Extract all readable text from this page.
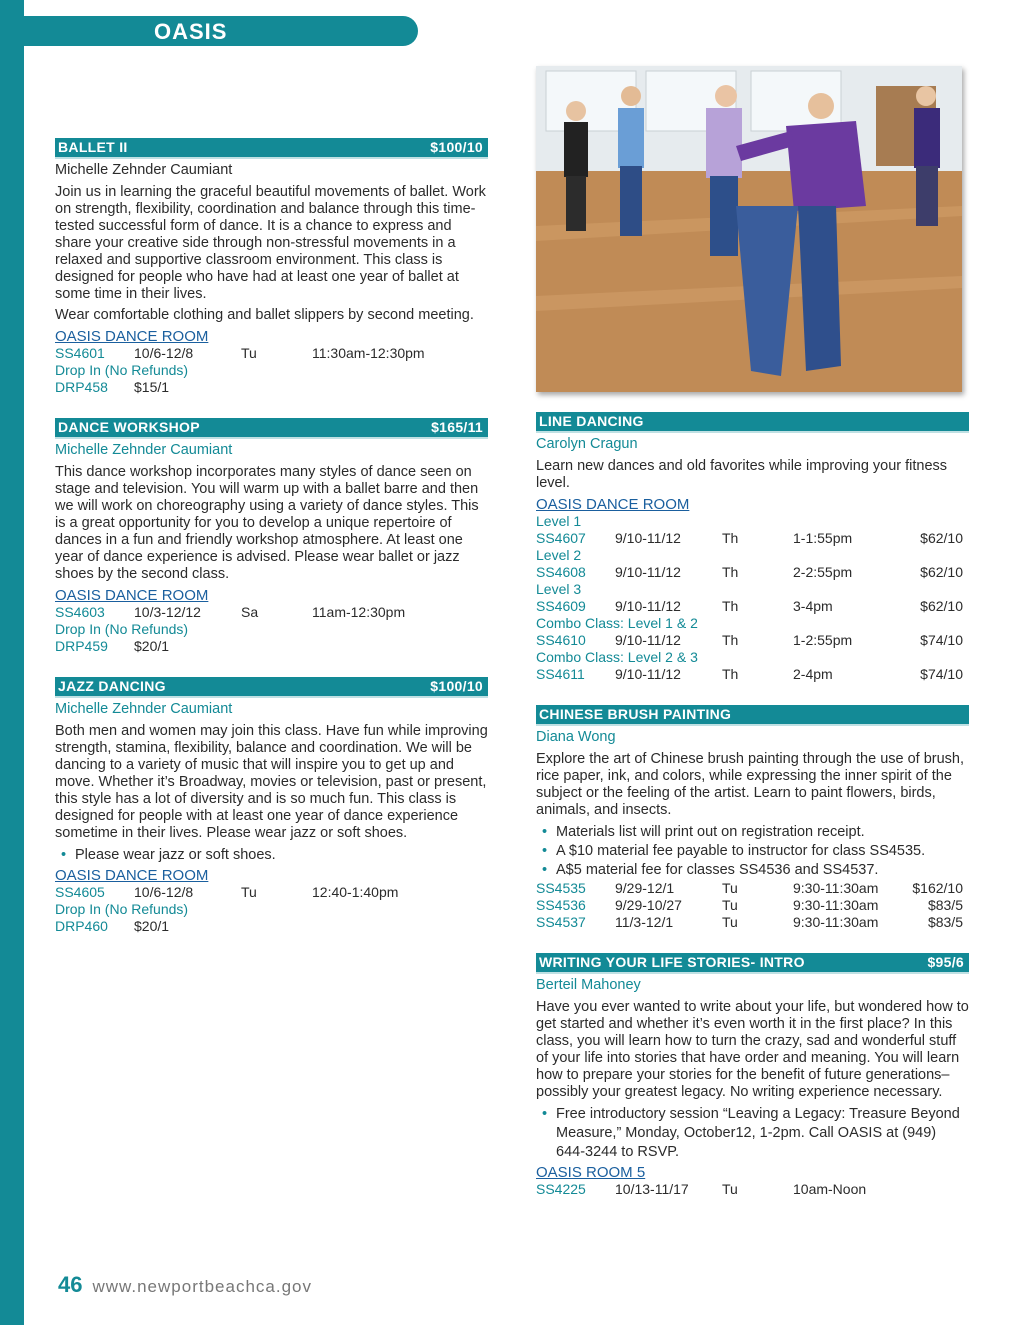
OASIS
BALLET II	$100/10
Michelle Zehnder Caumiant

Join us in learning the graceful beautiful movements of ballet. Work on strength, flexibility, coordination and balance through this time-tested successful form of dance. It is a chance to express and share your creative side through non-stressful movements in a relaxed and supportive classroom environment. This class is designed for people who have had at least one year of ballet at some time in their lives.

Wear comfortable clothing and ballet slippers by second meeting.

OASIS DANCE ROOM
SS4601	10/6-12/8	Tu	11:30am-12:30pm
Drop In (No Refunds)
DRP458	$15/1
DANCE WORKSHOP	$165/11
Michelle Zehnder Caumiant

This dance workshop incorporates many styles of dance seen on stage and television. You will warm up with a ballet barre and then we will work on choreography using a variety of dance styles. This is a great opportunity for you to develop a unique repertoire of dances in a fun and friendly workshop atmosphere. At least one year of dance experience is advised. Please wear ballet or jazz shoes by the second class.

OASIS DANCE ROOM
SS4603	10/3-12/12	Sa	11am-12:30pm
Drop In (No Refunds)
DRP459	$20/1
JAZZ DANCING	$100/10
Michelle Zehnder Caumiant

Both men and women may join this class. Have fun while improving strength, stamina, flexibility, balance and coordination. We will be dancing to a variety of music that will inspire you to get up and move. Whether it’s Broadway, movies or television, past or present, this style has a lot of diversity and is so much fun. This class is designed for people with at least one year of dance experience sometime in their lives. Please wear jazz or soft shoes.

• Please wear jazz or soft shoes.

OASIS DANCE ROOM
SS4605	10/6-12/8	Tu	12:40-1:40pm
Drop In (No Refunds)
DRP460	$20/1
LINE DANCING
Carolyn Cragun

Learn new dances and old favorites while improving your fitness level.

OASIS DANCE ROOM
Level 1
SS4607	9/10-11/12	Th	1-1:55pm	$62/10
Level 2
SS4608	9/10-11/12	Th	2-2:55pm	$62/10
Level 3
SS4609	9/10-11/12	Th	3-4pm	$62/10
Combo Class: Level 1 & 2
SS4610	9/10-11/12	Th	1-2:55pm	$74/10
Combo Class: Level 2 & 3
SS4611	9/10-11/12	Th	2-4pm	$74/10
CHINESE BRUSH PAINTING
Diana Wong

Explore the art of Chinese brush painting through the use of brush, rice paper, ink, and colors, while expressing the inner spirit of the subject or the feeling of the artist. Learn to paint flowers, birds, animals, and insects.

• Materials list will print out on registration receipt.

• A $10 material fee payable to instructor for class SS4535.

• A$5 material fee for classes SS4536 and SS4537.

SS4535	9/29-12/1	Tu	9:30-11:30am	$162/10
SS4536	9/29-10/27	Tu	9:30-11:30am	$83/5
SS4537	11/3-12/1	Tu	9:30-11:30am	$83/5
WRITING YOUR LIFE STORIES- INTRO	$95/6
Berteil Mahoney

Have you ever wanted to write about your life, but wondered how to get started and whether it’s even worth it in the first place? In this class, you will learn how to turn the crazy, sad and wonderful stuff of your life into stories that have order and meaning. You will learn how to prepare your stories for the benefit of future generations– possibly your greatest legacy. No writing experience necessary.

• Free introductory session “Leaving a Legacy: Treasure Beyond Measure,” Monday, October12, 1-2pm. Call OASIS at (949) 644-3244 to RSVP.

OASIS ROOM 5
SS4225	10/13-11/17	Tu	10am-Noon
46 www.newportbeachca.gov
